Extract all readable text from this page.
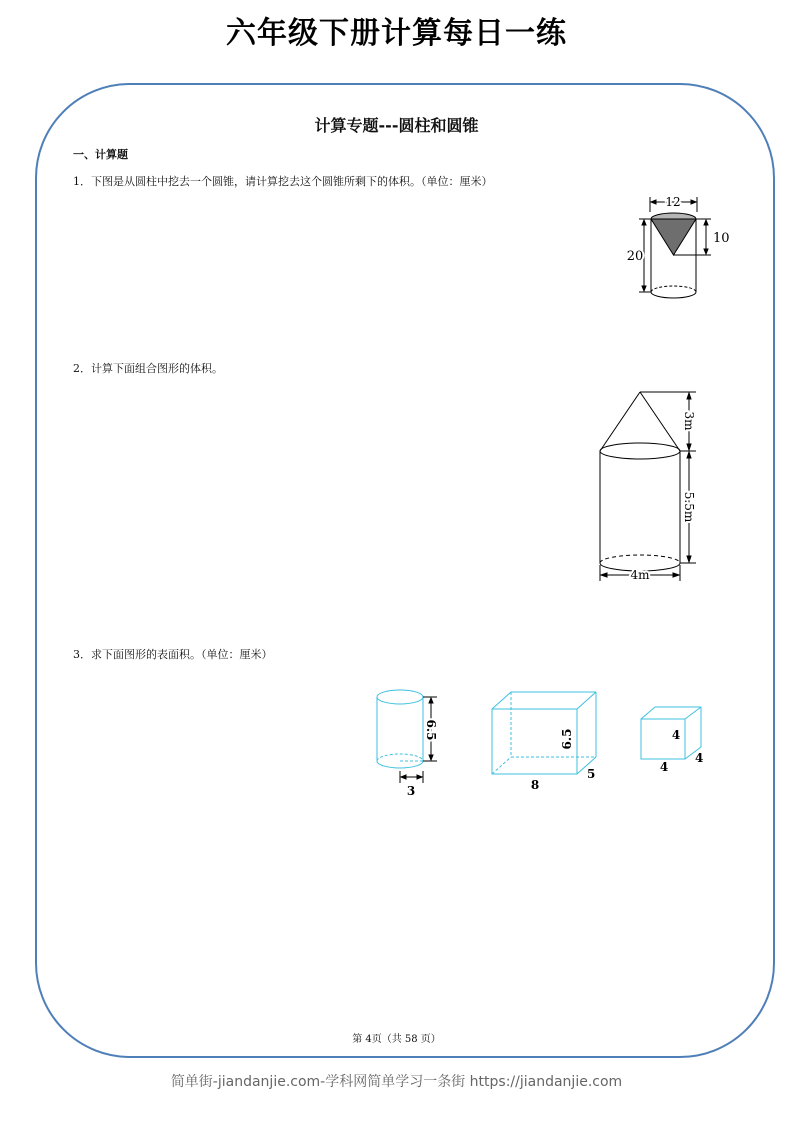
六年级下册计算每日一练
计算专题---圆柱和圆锥
一、计算题
1．下图是从圆柱中挖去一个圆锥，请计算挖去这个圆锥所剩下的体积。（单位：厘米）
2．计算下面组合图形的体积。
3．求下面图形的表面积。（单位：厘米）
12
10
20
3m
5.5m
4m
6.5
3
6.5
8
5
4
4
4
第 4页（共 58 页）
简单街-jiandanjie.com-学科网简单学习一条街 https://jiandanjie.com
